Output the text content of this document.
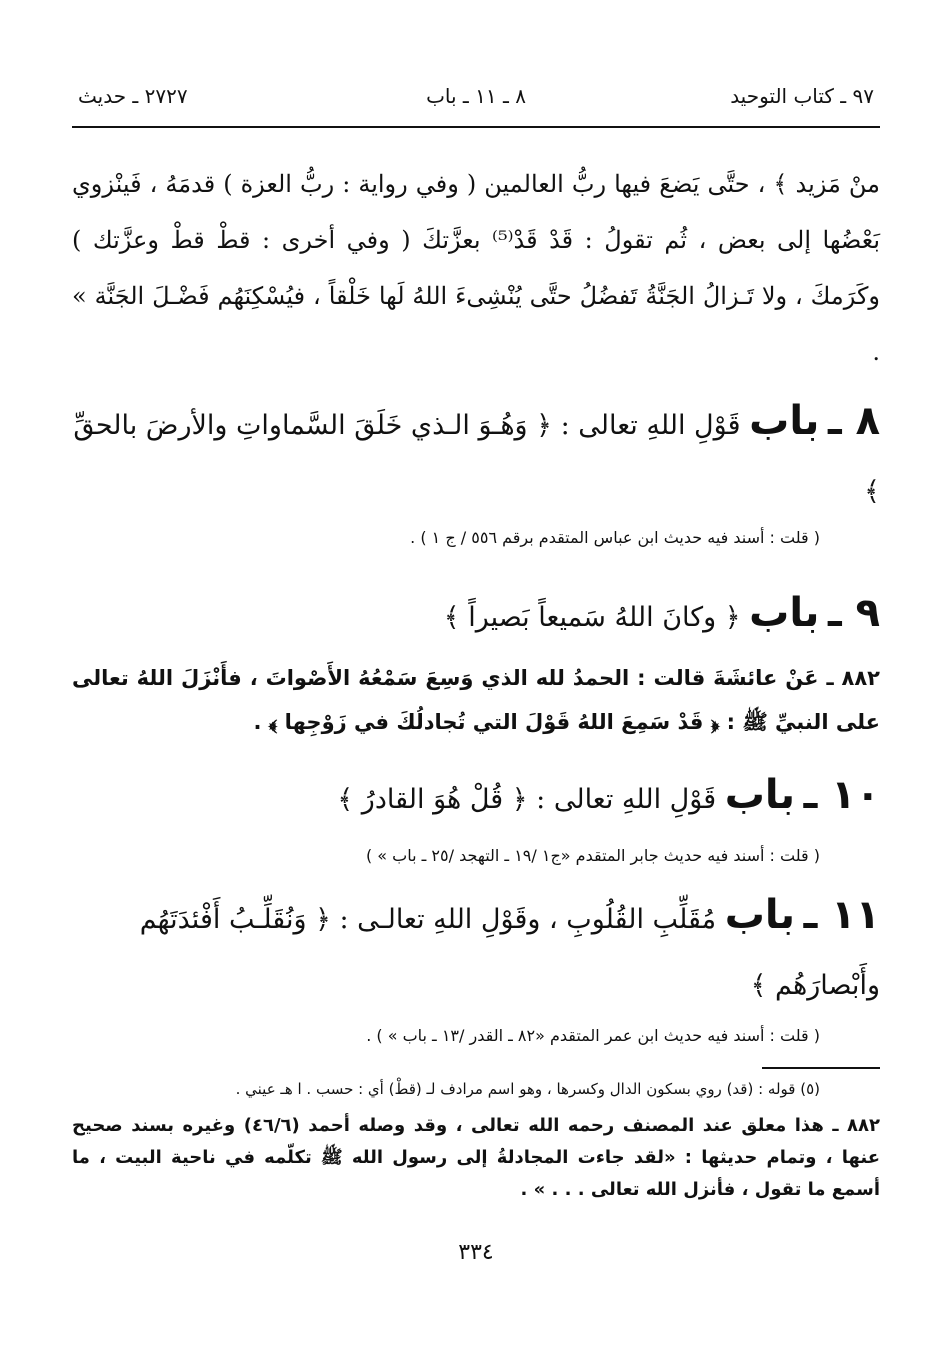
٩٧ ـ كتاب التوحيد
٨ ـ ١١ ـ باب
٢٧٢٧ ـ حديث
منْ مَزيد ﴾ ، حتَّى يَضعَ فيها ربُّ العالمين ( وفي رواية : ربُّ العزة ) قدمَهُ ، فَينْزوي بَعْضُها إلى بعض ، ثُم تقولُ : قَدْ قَدْ⁽⁵⁾ بعزَّتكَ ( وفي أخرى : قطْ قطْ وعزَّتك ) وكَرَمكَ ، ولا تَـزالُ الجَنَّةُ تَفضُلُ حتَّى يُنْشِىءَ اللهُ لَها خَلْقاً ، فيُسْكِنَهُم فَضْـلَ الجَنَّة » .
٨ ـ باب قَوْلِ اللهِ تعالى : ﴿ وَهُـوَ الـذي خَلَقَ السَّماواتِ والأرضَ بالحقِّ ﴾
( قلت : أسند فيه حديث ابن عباس المتقدم برقم ٥٥٦ / ج ١ ) .
٩ ـ باب ﴿ وكانَ اللهُ سَميعاً بَصيراً ﴾
٨٨٢ ـ عَنْ عائشَةَ قالت : الحمدُ لله الذي وَسِعَ سَمْعُهُ الأَصْواتَ ، فأَنْزَلَ اللهُ تعالى على النبيِّ ﷺ : ﴿ قَدْ سَمِعَ اللهُ قَوْلَ التي تُجادلُكَ في زَوْجِها ﴾ .
١٠ ـ باب قَوْلِ اللهِ تعالى : ﴿ قُلْ هُوَ القادرُ ﴾
( قلت : أسند فيه حديث جابر المتقدم «ج١ /١٩ ـ التهجد /٢٥ ـ باب » )
١١ ـ باب مُقَلِّبِ القُلُوبِ ، وقَوْلِ اللهِ تعالـى : ﴿ وَنُقَلِّـبُ أَفْئدَتَهُم وأَبْصارَهُم ﴾
( قلت : أسند فيه حديث ابن عمر المتقدم «٨٢ ـ القدر /١٣ ـ باب » ) .
(٥) قوله : (قد) روي بسكون الدال وكسرها ، وهو اسم مرادف لـ (قطْ) أي : حسب . ا هـ عيني .
٨٨٢ ـ هذا معلق عند المصنف رحمه الله تعالى ، وقد وصله أحمد (٤٦/٦) وغيره بسند صحيح عنها ، وتمام حديثها : «لقد جاءت المجادلةُ إلى رسول الله ﷺ تكلّمه في ناحية البيت ، ما أسمع ما تقول ، فأنزل الله تعالى . . . » .
٣٣٤
